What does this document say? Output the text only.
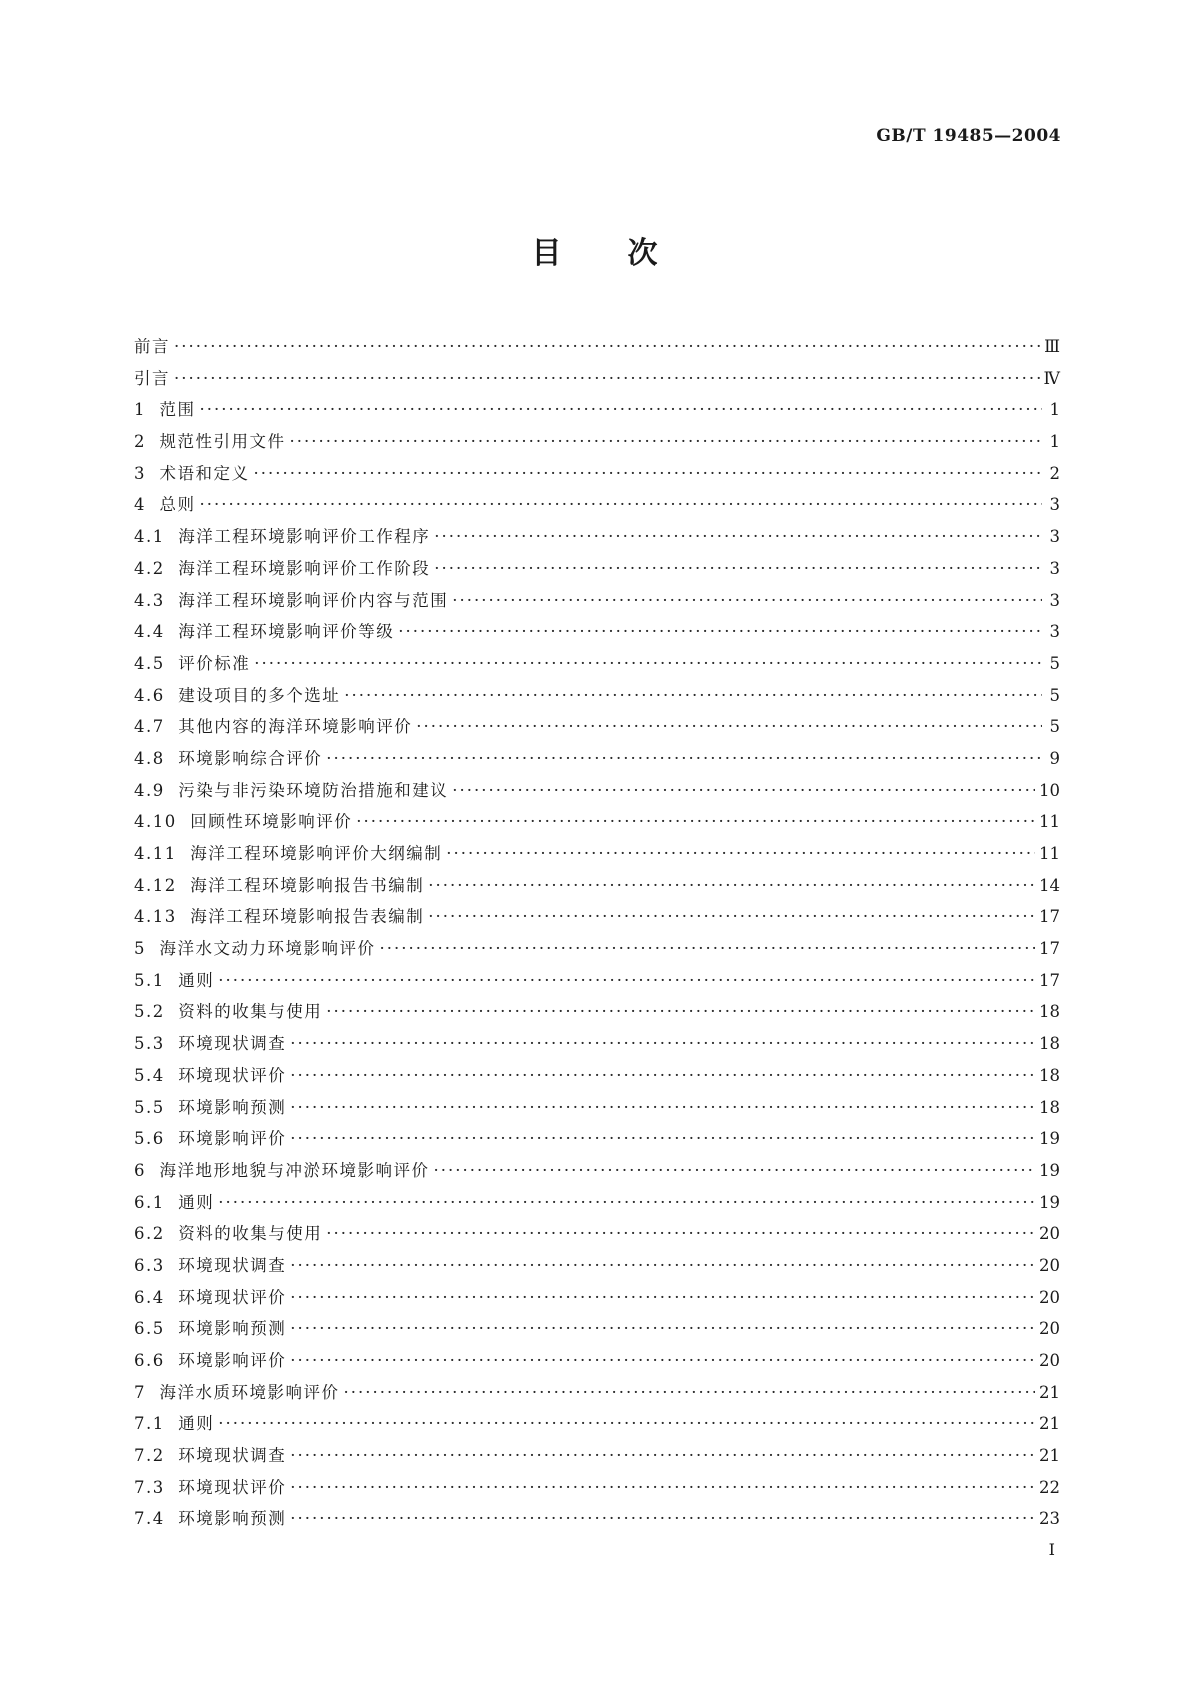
GB/T 19485—2004
目 次
前言 ·····	Ⅲ
引言 ·····	Ⅳ
1  范围 ·····	1
2  规范性引用文件 ·····	1
3  术语和定义 ·····	2
4  总则 ·····	3
4.1  海洋工程环境影响评价工作程序 ·····	3
4.2  海洋工程环境影响评价工作阶段 ·····	3
4.3  海洋工程环境影响评价内容与范围 ·····	3
4.4  海洋工程环境影响评价等级 ·····	3
4.5  评价标准 ·····	5
4.6  建设项目的多个选址 ·····	5
4.7  其他内容的海洋环境影响评价 ·····	5
4.8  环境影响综合评价 ·····	9
4.9  污染与非污染环境防治措施和建议 ·····	10
4.10  回顾性环境影响评价 ·····	11
4.11  海洋工程环境影响评价大纲编制 ·····	11
4.12  海洋工程环境影响报告书编制 ·····	14
4.13  海洋工程环境影响报告表编制 ·····	17
5  海洋水文动力环境影响评价 ·····	17
5.1  通则 ·····	17
5.2  资料的收集与使用 ·····	18
5.3  环境现状调查 ·····	18
5.4  环境现状评价 ·····	18
5.5  环境影响预测 ·····	18
5.6  环境影响评价 ·····	19
6  海洋地形地貌与冲淤环境影响评价 ·····	19
6.1  通则 ·····	19
6.2  资料的收集与使用 ·····	20
6.3  环境现状调查 ·····	20
6.4  环境现状评价 ·····	20
6.5  环境影响预测 ·····	20
6.6  环境影响评价 ·····	20
7  海洋水质环境影响评价 ·····	21
7.1  通则 ·····	21
7.2  环境现状调查 ·····	21
7.3  环境现状评价 ·····	22
7.4  环境影响预测 ·····	23
I
